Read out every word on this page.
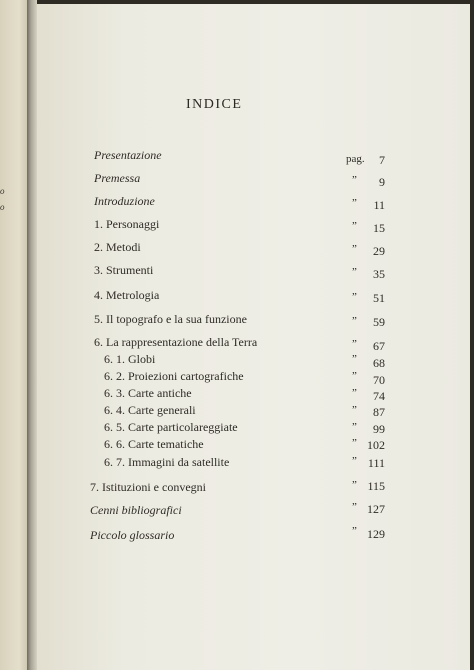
o
o
INDICE
Presentazione	pag. 7
Premessa	” 9
Introduzione	” 11
1. Personaggi	” 15
2. Metodi	” 29
3. Strumenti	” 35
4. Metrologia	” 51
5. Il topografo e la sua funzione	” 59
6. La rappresentazione della Terra	” 67
6. 1. Globi	” 68
6. 2. Proiezioni cartografiche	” 70
6. 3. Carte antiche	” 74
6. 4. Carte generali	” 87
6. 5. Carte particolareggiate	” 99
6. 6. Carte tematiche	” 102
6. 7. Immagini da satellite	” 111
7. Istituzioni e convegni	” 115
Cenni bibliografici	” 127
Piccolo glossario	” 129
